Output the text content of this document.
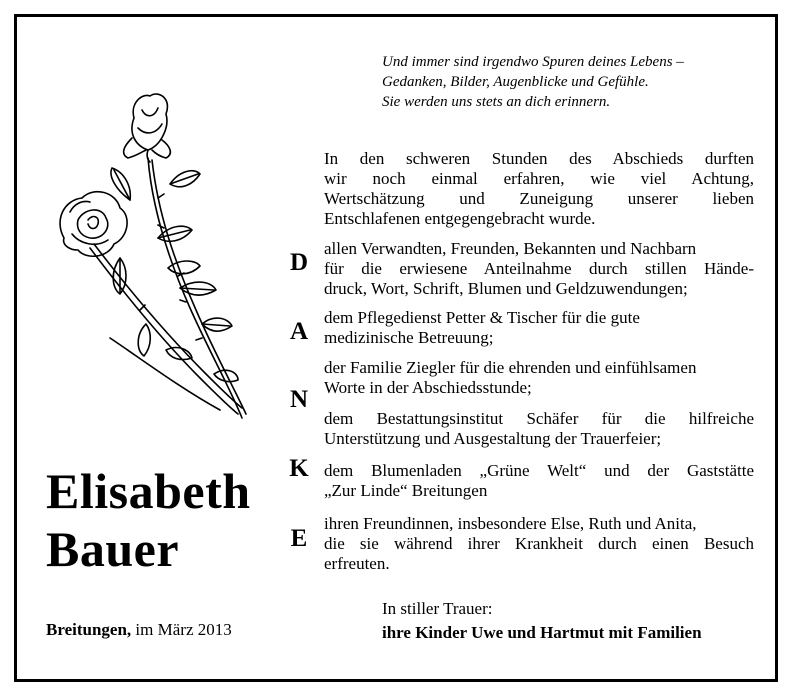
Und immer sind irgendwo Spuren deines Lebens –
Gedanken, Bilder, Augenblicke und Gefühle.
Sie werden uns stets an dich erinnern.
Elisabeth
Bauer
Breitungen, im März 2013
In den schweren Stunden des Abschieds durften
wir noch einmal erfahren, wie viel Achtung,
Wertschätzung und Zuneigung unserer lieben
Entschlafenen entgegengebracht wurde.
D
A
N
K
E
allen Verwandten, Freunden, Bekannten und Nachbarn
für die erwiesene Anteilnahme durch stillen Hände-
druck, Wort, Schrift, Blumen und Geldzuwendungen;
dem Pflegedienst Petter & Tischer für die gute
medizinische Betreuung;
der Familie Ziegler für die ehrenden und einfühlsamen
Worte in der Abschiedsstunde;
dem Bestattungsinstitut Schäfer für die hilfreiche
Unterstützung und Ausgestaltung der Trauerfeier;
dem Blumenladen „Grüne Welt“ und der Gaststätte
„Zur Linde“ Breitungen
ihren Freundinnen, insbesondere Else, Ruth und Anita,
die sie während ihrer Krankheit durch einen Besuch
erfreuten.
In stiller Trauer:
ihre Kinder Uwe und Hartmut mit Familien
